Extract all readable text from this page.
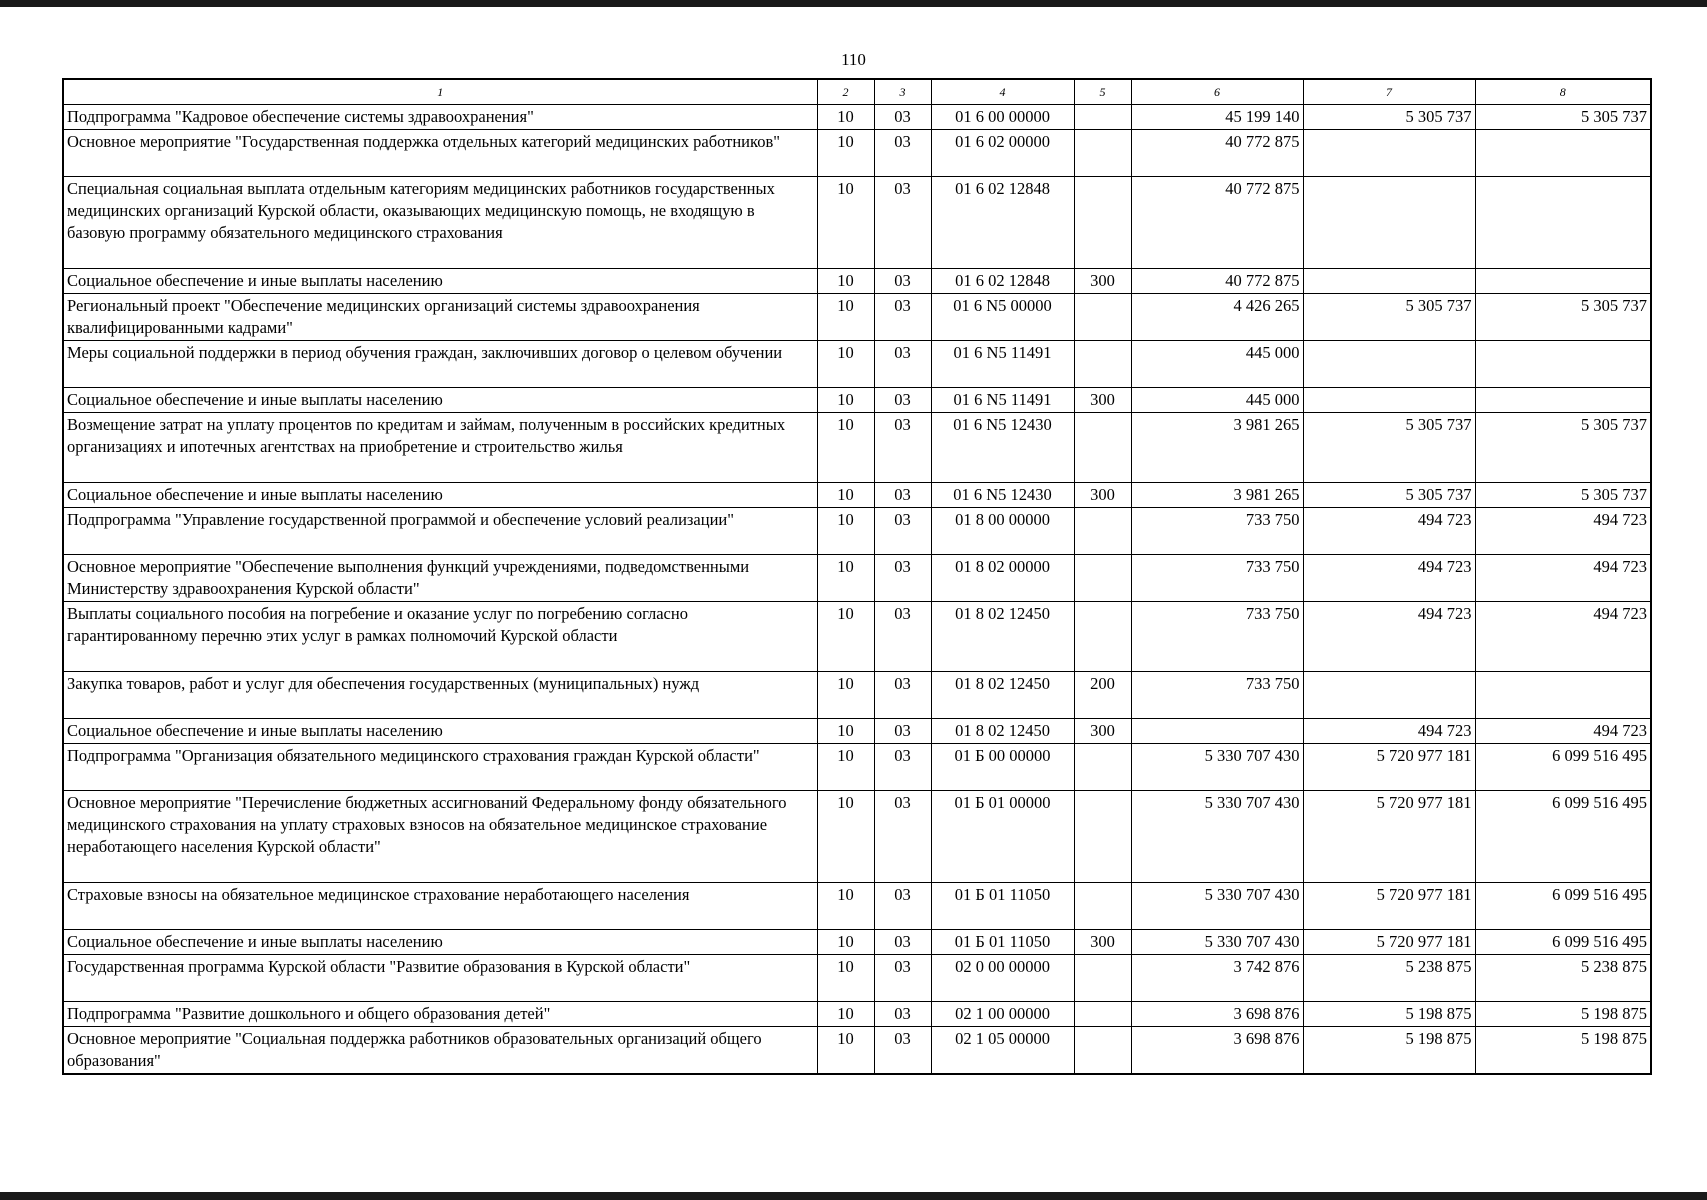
110
1	2	3	4	5	6	7	8
Подпрограмма "Кадровое обеспечение системы здравоохранения"	10	03	01 6 00 00000		45 199 140	5 305 737	5 305 737
Основное мероприятие "Государственная поддержка отдельных категорий медицинских работников"	10	03	01 6 02 00000		40 772 875		
Специальная социальная выплата отдельным категориям медицинских работников государственных медицинских организаций Курской области, оказывающих медицинскую помощь, не входящую в базовую программу обязательного медицинского страхования	10	03	01 6 02 12848		40 772 875		
Социальное обеспечение и иные выплаты населению	10	03	01 6 02 12848	300	40 772 875		
Региональный проект "Обеспечение медицинских организаций системы здравоохранения квалифицированными кадрами"	10	03	01 6 N5 00000		4 426 265	5 305 737	5 305 737
Меры социальной поддержки в период обучения граждан, заключивших договор о целевом обучении	10	03	01 6 N5 11491		445 000		
Социальное обеспечение и иные выплаты населению	10	03	01 6 N5 11491	300	445 000		
Возмещение затрат на уплату процентов по кредитам и займам, полученным в российских кредитных организациях и ипотечных агентствах на приобретение и строительство жилья	10	03	01 6 N5 12430		3 981 265	5 305 737	5 305 737
Социальное обеспечение и иные выплаты населению	10	03	01 6 N5 12430	300	3 981 265	5 305 737	5 305 737
Подпрограмма "Управление государственной программой и обеспечение условий реализации"	10	03	01 8 00 00000		733 750	494 723	494 723
Основное мероприятие "Обеспечение выполнения функций учреждениями, подведомственными Министерству здравоохранения Курской области"	10	03	01 8 02 00000		733 750	494 723	494 723
Выплаты социального пособия на погребение и оказание услуг по погребению согласно гарантированному перечню этих услуг в рамках полномочий Курской области	10	03	01 8 02 12450		733 750	494 723	494 723
Закупка товаров, работ и услуг для обеспечения государственных (муниципальных) нужд	10	03	01 8 02 12450	200	733 750		
Социальное обеспечение и иные выплаты населению	10	03	01 8 02 12450	300		494 723	494 723
Подпрограмма "Организация обязательного медицинского страхования граждан Курской области"	10	03	01 Б 00 00000		5 330 707 430	5 720 977 181	6 099 516 495
Основное мероприятие "Перечисление бюджетных ассигнований Федеральному фонду обязательного медицинского страхования на уплату страховых взносов на обязательное медицинское страхование неработающего населения Курской области"	10	03	01 Б 01 00000		5 330 707 430	5 720 977 181	6 099 516 495
Страховые взносы на обязательное медицинское страхование неработающего населения	10	03	01 Б 01 11050		5 330 707 430	5 720 977 181	6 099 516 495
Социальное обеспечение и иные выплаты населению	10	03	01 Б 01 11050	300	5 330 707 430	5 720 977 181	6 099 516 495
Государственная программа Курской области "Развитие образования в Курской области"	10	03	02 0 00 00000		3 742 876	5 238 875	5 238 875
Подпрограмма "Развитие дошкольного и общего образования детей"	10	03	02 1 00 00000		3 698 876	5 198 875	5 198 875
Основное мероприятие "Социальная поддержка работников образовательных организаций общего образования"	10	03	02 1 05 00000		3 698 876	5 198 875	5 198 875
